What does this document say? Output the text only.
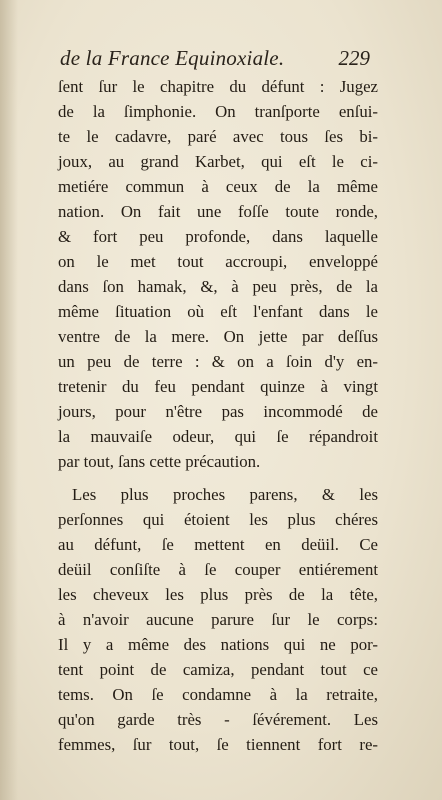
de la France Equinoxiale.	229
ſent ſur le chapitre du défunt : Jugez
de la ſimphonie. On tranſporte enſui-
te le cadavre, paré avec tous ſes bi-
joux, au grand Karbet, qui eſt le ci-
metiére commun à ceux de la même
nation. On fait une foſſe toute ronde,
& fort peu profonde, dans laquelle
on le met tout accroupi, enveloppé
dans ſon hamak, &, à peu près, de la
même ſituation où eſt l'enfant dans le
ventre de la mere. On jette par deſſus
un peu de terre : & on a ſoin d'y en-
tretenir du feu pendant quinze à vingt
jours, pour n'être pas incommodé de
la mauvaiſe odeur, qui ſe répandroit
par tout, ſans cette précaution.
Les plus proches parens, & les
perſonnes qui étoient les plus chéres
au défunt, ſe mettent en deüil. Ce
deüil conſiſte à ſe couper entiérement
les cheveux les plus près de la tête,
à n'avoir aucune parure ſur le corps:
Il y a même des nations qui ne por-
tent point de camiza, pendant tout ce
tems. On ſe condamne à la retraite,
qu'on garde très - ſévérement. Les
femmes, ſur tout, ſe tiennent fort re-
